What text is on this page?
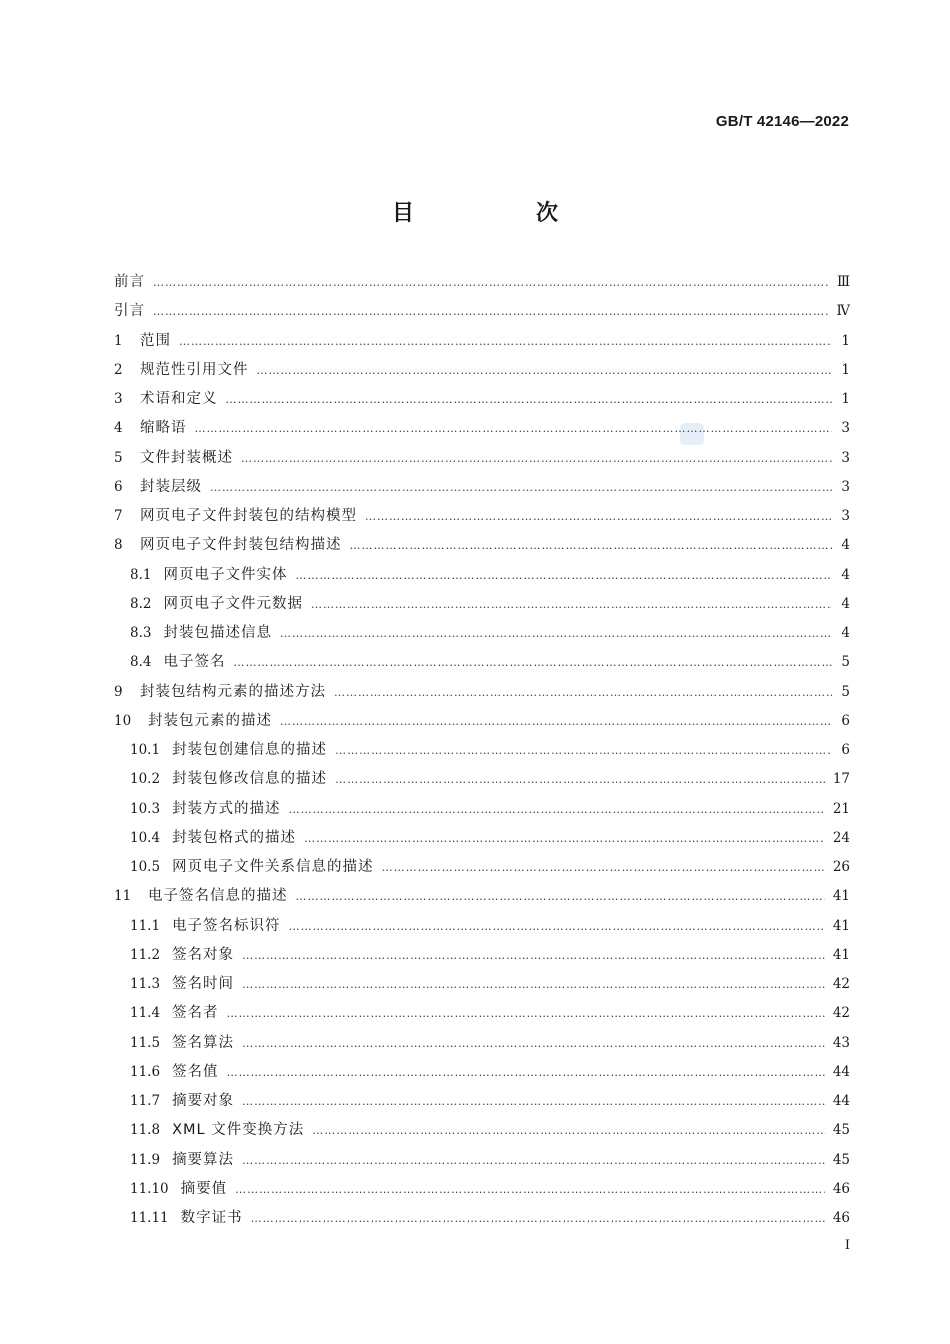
GB/T 42146—2022
目　次
前言 ………………………………………………………………………………………………………………………………………………………………………………………………………………………………………………………………………	Ⅲ
引言 ………………………………………………………………………………………………………………………………………………………………………………………………………………………………………………………………………	Ⅳ
1	范围 ………………………………………………………………………………………………………………………………………………………………………………………………………………………………………………………………………	1
2	规范性引用文件 ………………………………………………………………………………………………………………………………………………………………………………………………………………………………………………………………………	1
3	术语和定义 ………………………………………………………………………………………………………………………………………………………………………………………………………………………………………………………………………	1
4	缩略语 ………………………………………………………………………………………………………………………………………………………………………………………………………………………………………………………………………	3
5	文件封装概述 ………………………………………………………………………………………………………………………………………………………………………………………………………………………………………………………………………	3
6	封装层级 ………………………………………………………………………………………………………………………………………………………………………………………………………………………………………………………………………	3
7	网页电子文件封装包的结构模型 ………………………………………………………………………………………………………………………………………………………………………………………………………………………………………………………………………	3
8	网页电子文件封装包结构描述 ………………………………………………………………………………………………………………………………………………………………………………………………………………………………………………………………………	4
8.1 网页电子文件实体 ………………………………………………………………………………………………………………………………………………………………………………………………………………………………………………………………………	4
8.2 网页电子文件元数据 ………………………………………………………………………………………………………………………………………………………………………………………………………………………………………………………………………	4
8.3 封装包描述信息 ………………………………………………………………………………………………………………………………………………………………………………………………………………………………………………………………………	4
8.4 电子签名 ………………………………………………………………………………………………………………………………………………………………………………………………………………………………………………………………………	5
9	封装包结构元素的描述方法 ………………………………………………………………………………………………………………………………………………………………………………………………………………………………………………………………………	5
10	封装包元素的描述 ………………………………………………………………………………………………………………………………………………………………………………………………………………………………………………………………………	6
10.1 封装包创建信息的描述 ………………………………………………………………………………………………………………………………………………………………………………………………………………………………………………………………………	6
10.2 封装包修改信息的描述 ………………………………………………………………………………………………………………………………………………………………………………………………………………………………………………………………………	17
10.3 封装方式的描述 ………………………………………………………………………………………………………………………………………………………………………………………………………………………………………………………………………	21
10.4 封装包格式的描述 ………………………………………………………………………………………………………………………………………………………………………………………………………………………………………………………………………	24
10.5 网页电子文件关系信息的描述 ………………………………………………………………………………………………………………………………………………………………………………………………………………………………………………………………………	26
11	电子签名信息的描述 ………………………………………………………………………………………………………………………………………………………………………………………………………………………………………………………………………	41
11.1 电子签名标识符 ………………………………………………………………………………………………………………………………………………………………………………………………………………………………………………………………………	41
11.2 签名对象 ………………………………………………………………………………………………………………………………………………………………………………………………………………………………………………………………………	41
11.3 签名时间 ………………………………………………………………………………………………………………………………………………………………………………………………………………………………………………………………………	42
11.4 签名者 ………………………………………………………………………………………………………………………………………………………………………………………………………………………………………………………………………	42
11.5 签名算法 ………………………………………………………………………………………………………………………………………………………………………………………………………………………………………………………………………	43
11.6 签名值 ………………………………………………………………………………………………………………………………………………………………………………………………………………………………………………………………………	44
11.7 摘要对象 ………………………………………………………………………………………………………………………………………………………………………………………………………………………………………………………………………	44
11.8 XML 文件变换方法 ………………………………………………………………………………………………………………………………………………………………………………………………………………………………………………………………………	45
11.9 摘要算法 ………………………………………………………………………………………………………………………………………………………………………………………………………………………………………………………………………	45
11.10 摘要值 ………………………………………………………………………………………………………………………………………………………………………………………………………………………………………………………………………	46
11.11 数字证书 ………………………………………………………………………………………………………………………………………………………………………………………………………………………………………………………………………	46
Ⅰ
